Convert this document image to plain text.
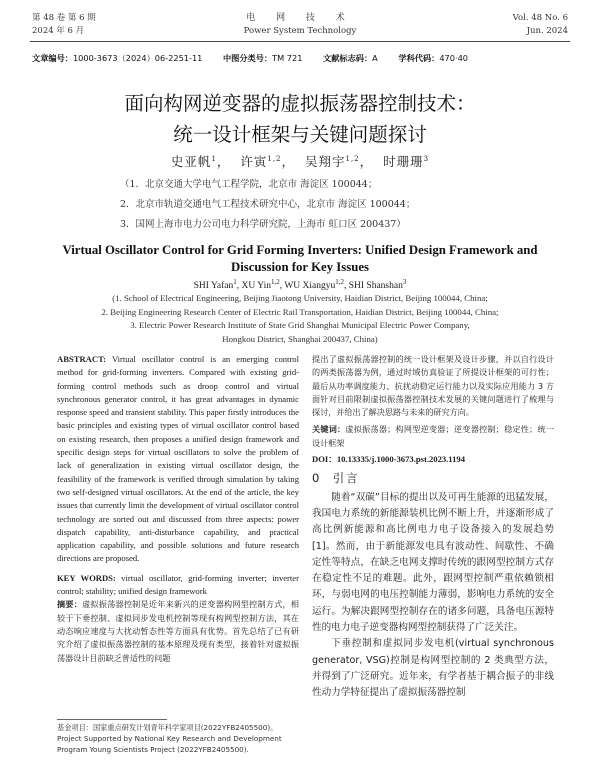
第 48 卷 第 6 期
2024 年 6 月
电 网 技 术
Power System Technology
Vol. 48 No. 6
Jun. 2024
文章编号：1000-3673（2024）06-2251-11	中图分类号：TM 721	文献标志码：A	学科代码：470·40
面向构网逆变器的虚拟振荡器控制技术：
统一设计框架与关键问题探讨
史亚帆$^1$，  许寅$^{1,2}$，  吴翔宇$^{1,2}$，  时珊珊$^3$
（1．北京交通大学电气工程学院，北京市 海淀区 100044；
2．北京市轨道交通电气工程技术研究中心，北京市 海淀区 100044；
3．国网上海市电力公司电力科学研究院，上海市 虹口区 200437）
Virtual Oscillator Control for Grid Forming Inverters: Unified Design Framework and
Discussion for Key Issues
SHI Yafan$^1$, XU Yin$^{1,2}$, WU Xiangyu$^{1,2}$, SHI Shanshan$^3$
(1. School of Electrical Engineering, Beijing Jiaotong University, Haidian District, Beijing 100044, China;
2. Beijing Engineering Research Center of Electric Rail Transportation, Haidian District, Beijing 100044, China;
3. Electric Power Research Institute of State Grid Shanghai Municipal Electric Power Company,
Hongkou District, Shanghai 200437, China)
ABSTRACT: Virtual oscillator control is an emerging control method for grid-forming inverters. Compared with existing grid-forming control methods such as droop control and virtual synchronous generator control, it has great advantages in dynamic response speed and transient stability. This paper firstly introduces the basic principles and existing types of virtual oscillator control based on existing research, then proposes a unified design framework and specific design steps for virtual oscillators to solve the problem of lack of generalization in existing virtual oscillator design, the feasibility of the framework is verified through simulation by taking two self-designed virtual oscillators. At the end of the article, the key issues that currently limit the development of virtual oscillator control technology are sorted out and discussed from three aspects: power dispatch capability, anti-disturbance capability, and practical application capability, and possible solutions and future research directions are proposed.
KEY WORDS: virtual oscillator, grid-forming inverter; inverter control; stability; unified design framework
摘要：虚拟振荡器控制是近年来新兴的逆变器构网型控制方式，相较于下垂控制、虚拟同步发电机控制等现有构网型控制方法，其在动态响应速度与大扰动暂态性等方面具有优势。首先总结了已有研究介绍了虚拟振荡器控制的基本原理及现有类型，接着针对虚拟振荡器设计目前缺乏普适性的问题
提出了虚拟振荡器控制的统一设计框架及设计步骤，并以自行设计的两类振荡器为例，通过时域仿真验证了所提设计框架的可行性；最后从功率调度能力、抗扰动稳定运行能力以及实际应用能力 3 方面针对目前限制虚拟振荡器控制技术发展的关键问题进行了梳理与探讨，并给出了解决思路与未来的研究方向。
关键词：虚拟振荡器；构网型逆变器；逆变器控制；稳定性；统一设计框架
DOI：10.13335/j.1000-3673.pst.2023.1194
0 引言
随着“双碳”目标的提出以及可再生能源的迅猛发展，我国电力系统的新能源装机比例不断上升，并逐渐形成了高比例新能源和高比例电力电子设备接入的发展趋势[1]。然而，由于新能源发电具有波动性、间歇性、不确定性等特点，在缺乏电网支撑时传统的跟网型控制方式存在稳定性不足的难题。此外，跟网型控制严重依赖锁相环，与弱电网的电压控制能力薄弱，影响电力系统的安全运行。为解决跟网型控制存在的诸多问题，具备电压源特性的电力电子逆变器构网型控制获得了广泛关注。
下垂控制和虚拟同步发电机(virtual synchronous generator, VSG)控制是构网型控制的 2 类典型方法，并得到了广泛研究。近年来，有学者基于耦合振子的非线性动力学特征提出了虚拟振荡器控制
基金项目：国家重点研发计划青年科学家项目(2022YFB2405500)。
Project Supported by National Key Research and Development
Program Young Scientists Project (2022YFB2405500).
